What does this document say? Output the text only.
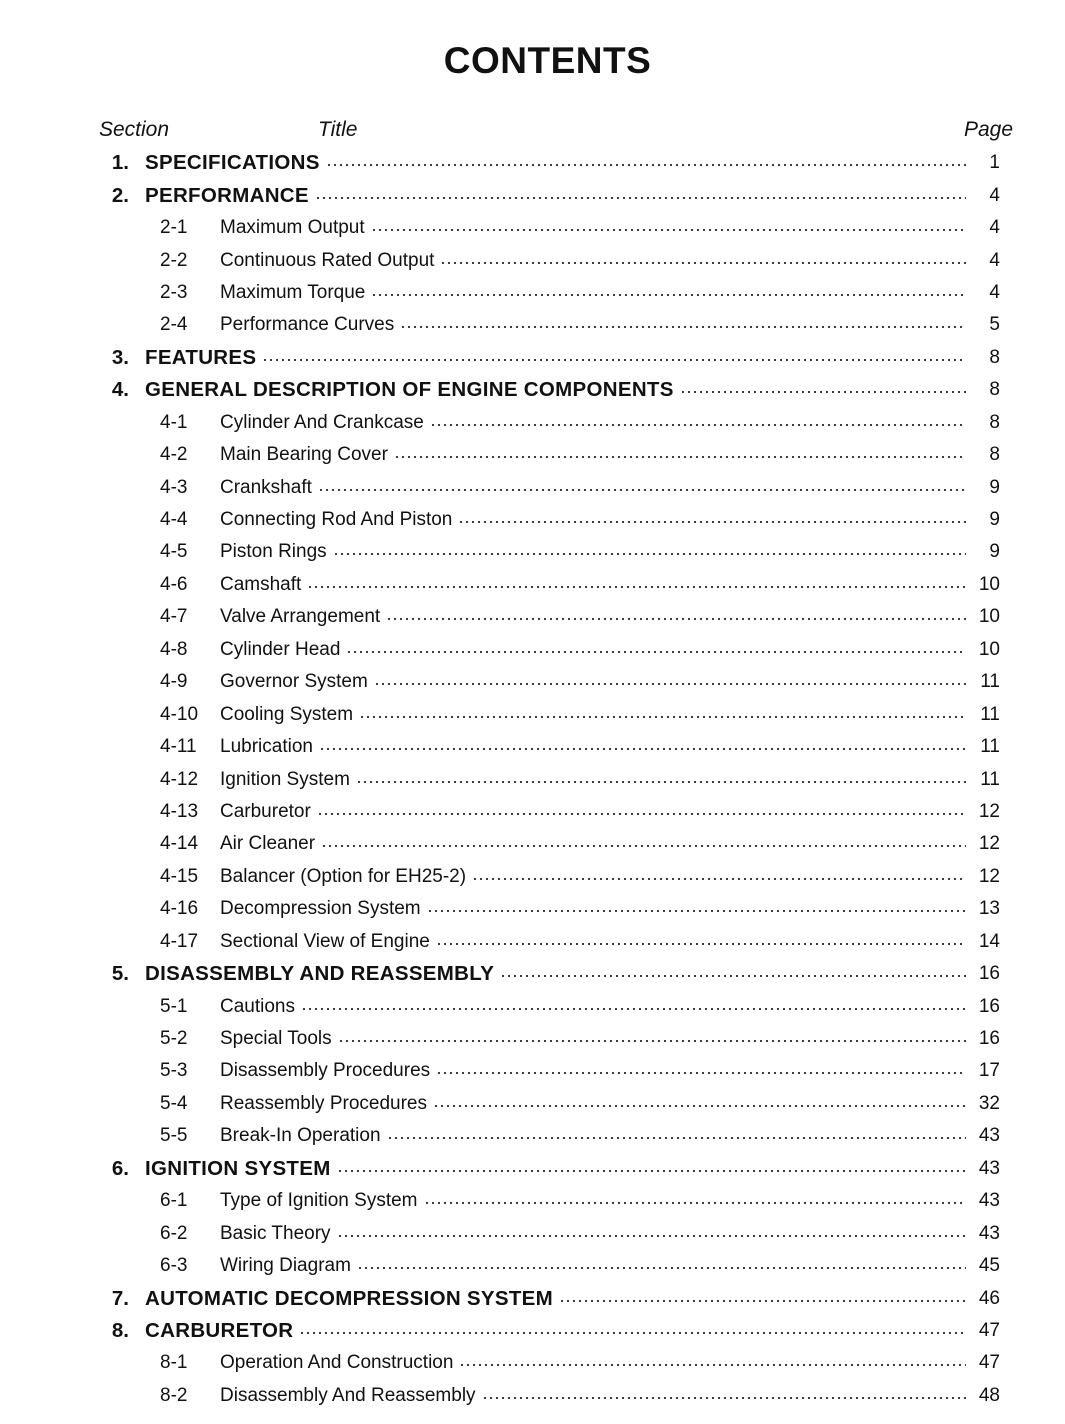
CONTENTS
Section	Title	Page
1. SPECIFICATIONS	1
2. PERFORMANCE	4
2-1	Maximum Output	4
2-2	Continuous Rated Output	4
2-3	Maximum Torque	4
2-4	Performance Curves	5
3. FEATURES	8
4. GENERAL DESCRIPTION OF ENGINE COMPONENTS	8
4-1	Cylinder And Crankcase	8
4-2	Main Bearing Cover	8
4-3	Crankshaft	9
4-4	Connecting Rod And Piston	9
4-5	Piston Rings	9
4-6	Camshaft	10
4-7	Valve Arrangement	10
4-8	Cylinder Head	10
4-9	Governor System	11
4-10	Cooling System	11
4-11	Lubrication	11
4-12	Ignition System	11
4-13	Carburetor	12
4-14	Air Cleaner	12
4-15	Balancer (Option for EH25-2)	12
4-16	Decompression System	13
4-17	Sectional View of Engine	14
5. DISASSEMBLY AND REASSEMBLY	16
5-1	Cautions	16
5-2	Special Tools	16
5-3	Disassembly Procedures	17
5-4	Reassembly Procedures	32
5-5	Break-In Operation	43
6. IGNITION SYSTEM	43
6-1	Type of Ignition System	43
6-2	Basic Theory	43
6-3	Wiring Diagram	45
7. AUTOMATIC DECOMPRESSION SYSTEM	46
8. CARBURETOR	47
8-1	Operation And Construction	47
8-2	Disassembly And Reassembly	48
